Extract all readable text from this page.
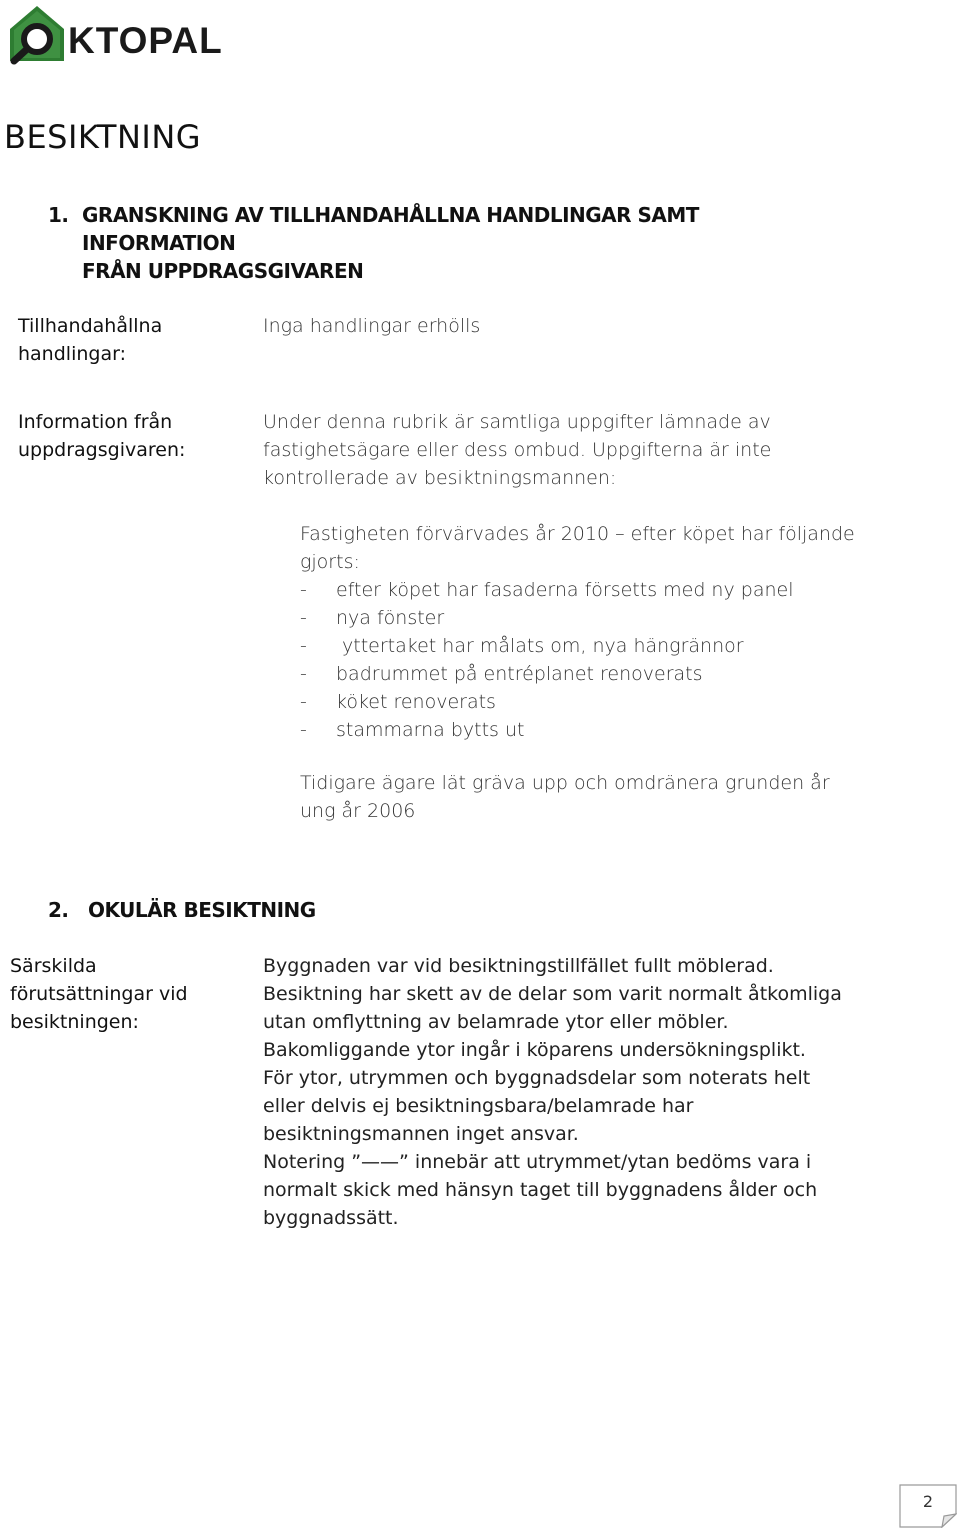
KTOPAL
BESIKTNING
1. GRANSKNING AV TILLHANDAHÅLLNA HANDLINGAR SAMT
INFORMATION
FRÅN UPPDRAGSGIVAREN
Tillhandahållna
handlingar:
Inga handlingar erhölls
Information från
uppdragsgivaren:
Under denna rubrik är samtliga uppgifter lämnade av
fastighetsägare eller dess ombud. Uppgifterna är inte
kontrollerade av besiktningsmannen:
Fastigheten förvärvades år 2010 – efter köpet har följande
gjorts:
- efter köpet har fasaderna försetts med ny panel
- nya fönster
- yttertaket har målats om, nya hängrännor
- badrummet på entréplanet renoverats
- köket renoverats
- stammarna bytts ut
Tidigare ägare lät gräva upp och omdränera grunden år
ung år 2006
2. OKULÄR BESIKTNING
Särskilda
förutsättningar vid
besiktningen:
Byggnaden var vid besiktningstillfället fullt möblerad.
Besiktning har skett av de delar som varit normalt åtkomliga
utan omflyttning av belamrade ytor eller möbler.
Bakomliggande ytor ingår i köparens undersökningsplikt.
För ytor, utrymmen och byggnadsdelar som noterats helt
eller delvis ej besiktningsbara/belamrade har
besiktningsmannen inget ansvar.
Notering ”——” innebär att utrymmet/ytan bedöms vara i
normalt skick med hänsyn taget till byggnadens ålder och
byggnadssätt.
2
